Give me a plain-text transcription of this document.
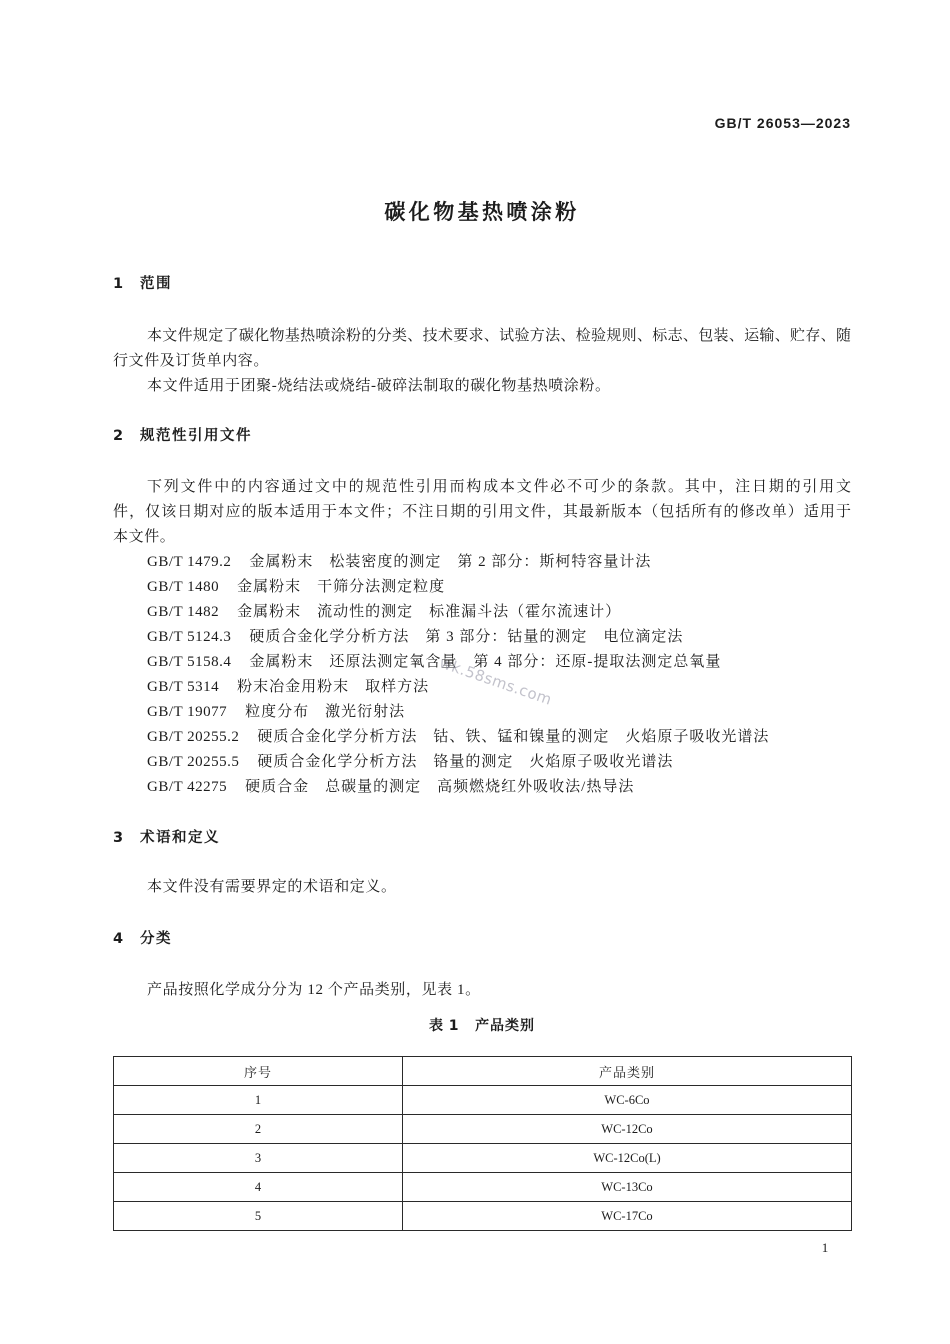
GB/T 26053—2023
碳化物基热喷涂粉
1 范围
本文件规定了碳化物基热喷涂粉的分类、技术要求、试验方法、检验规则、标志、包装、运输、贮存、随
行文件及订货单内容。
本文件适用于团聚-烧结法或烧结-破碎法制取的碳化物基热喷涂粉。
2 规范性引用文件
下列文件中的内容通过文中的规范性引用而构成本文件必不可少的条款。其中，注日期的引用文
件，仅该日期对应的版本适用于本文件；不注日期的引用文件，其最新版本（包括所有的修改单）适用于
本文件。
GB/T 1479.2 金属粉末　松装密度的测定　第 2 部分：斯柯特容量计法
GB/T 1480 金属粉末　干筛分法测定粒度
GB/T 1482 金属粉末　流动性的测定　标准漏斗法（霍尔流速计）
GB/T 5124.3 硬质合金化学分析方法　第 3 部分：钴量的测定　电位滴定法
GB/T 5158.4 金属粉末　还原法测定氧含量　第 4 部分：还原-提取法测定总氧量
GB/T 5314 粉末冶金用粉末　取样方法
GB/T 19077 粒度分布　激光衍射法
GB/T 20255.2 硬质合金化学分析方法　钴、铁、锰和镍量的测定　火焰原子吸收光谱法
GB/T 20255.5 硬质合金化学分析方法　铬量的测定　火焰原子吸收光谱法
GB/T 42275 硬质合金　总碳量的测定　高频燃烧红外吸收法/热导法
3 术语和定义
本文件没有需要界定的术语和定义。
4 分类
产品按照化学成分分为 12 个产品类别，见表 1。
表 1 产品类别
序号	产品类别
1	WC-6Co
2	WC-12Co
3	WC-12Co(L)
4	WC-13Co
5	WC-17Co
1
wk.58sms.com
